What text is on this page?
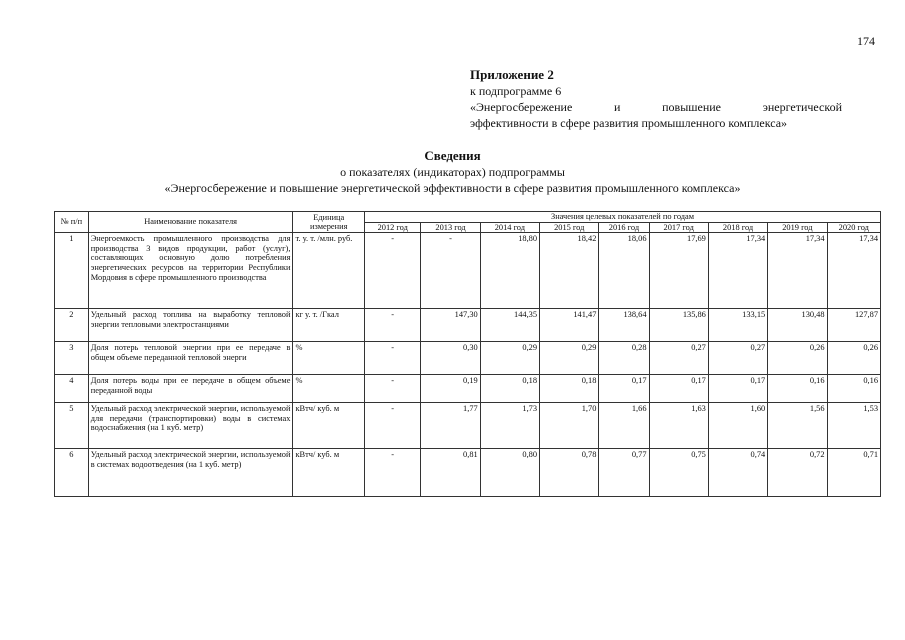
174
Приложение 2
к подпрограмме 6
«Энергосбережение и повышение энергетической
эффективности в сфере развития промышленного комплекса»
Сведения
о показателях (индикаторах) подпрограммы
«Энергосбережение и повышение энергетической эффективности в сфере развития промышленного комплекса»
№ п/п	Наименование показателя	Единица измерения	Значения целевых показателей по годам								
			2012 год	2013 год	2014 год	2015 год	2016 год	2017 год	2018 год	2019 год	2020 год
1	Энергоемкость промышленного производства для производства 3 видов продукции, работ (услуг), составляющих основную долю потребления энергетических ресурсов на территории Республики Мордовия в сфере промышленного производства	т. у. т. /млн. руб.	-	-	18,80	18,42	18,06	17,69	17,34	17,34	17,34
2	Удельный расход топлива на выработку тепловой энергии тепловыми электростанциями	кг у. т. /Гкал	-	147,30	144,35	141,47	138,64	135,86	133,15	130,48	127,87
3	Доля потерь тепловой энергии при ее передаче в общем объеме переданной тепловой энерги	%	-	0,30	0,29	0,29	0,28	0,27	0,27	0,26	0,26
4	Доля потерь воды при ее передаче в общем объеме переданной воды	%	-	0,19	0,18	0,18	0,17	0,17	0,17	0,16	0,16
5	Удельный расход электрической энергии, используемой для передачи (транспортировки) воды в системах водоснабжения (на 1 куб. метр)	кВтч/ куб. м	-	1,77	1,73	1,70	1,66	1,63	1,60	1,56	1,53
6	Удельный расход электрической энергии, используемой в системах водоотведения (на 1 куб. метр)	кВтч/ куб. м	-	0,81	0,80	0,78	0,77	0,75	0,74	0,72	0,71
